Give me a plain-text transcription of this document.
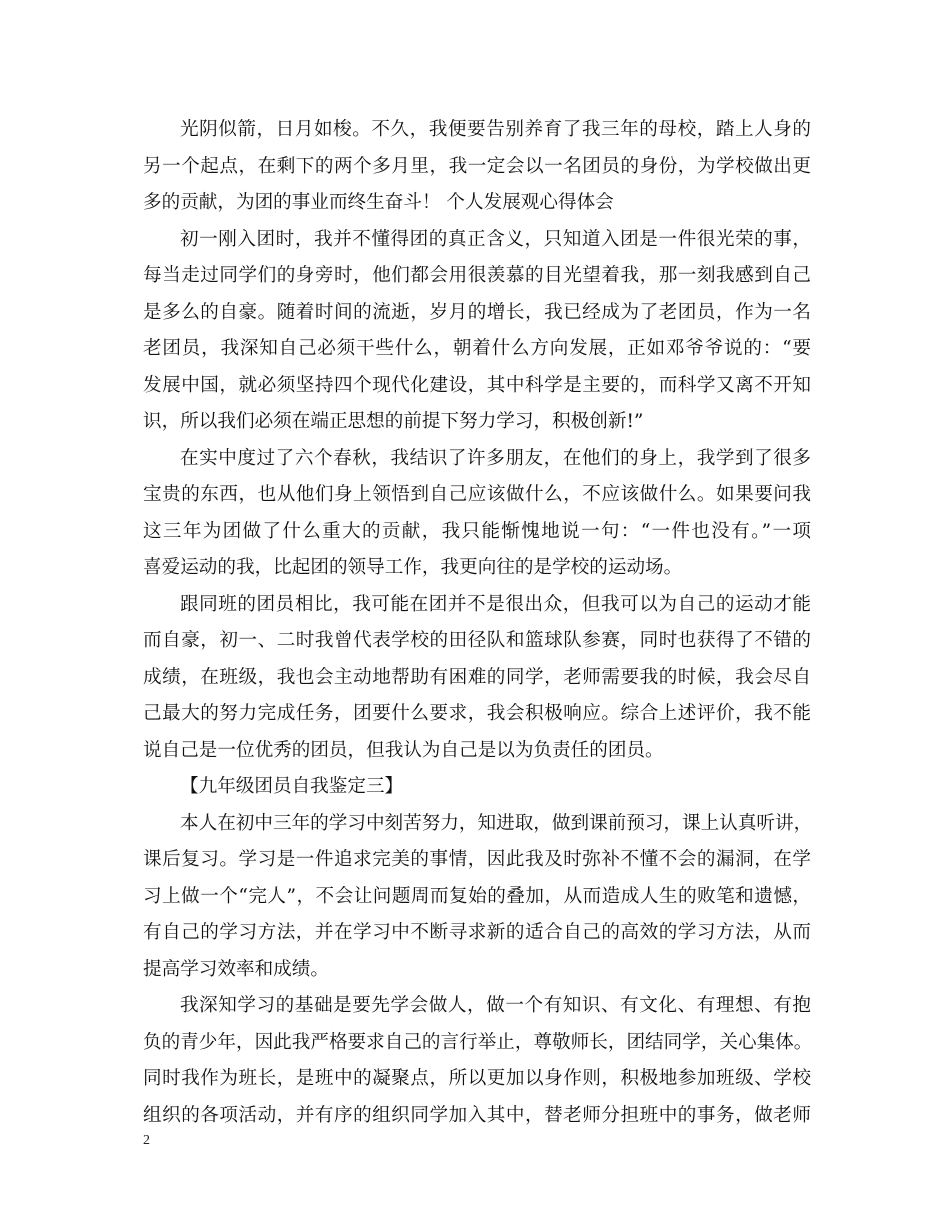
光阴似箭，日月如梭。不久，我便要告别养育了我三年的母校，踏上人身的
另一个起点，在剩下的两个多月里，我一定会以一名团员的身份，为学校做出更
多的贡献，为团的事业而终生奋斗！ 个人发展观心得体会
初一刚入团时，我并不懂得团的真正含义，只知道入团是一件很光荣的事，
每当走过同学们的身旁时，他们都会用很羡慕的目光望着我，那一刻我感到自己
是多么的自豪。随着时间的流逝，岁月的增长，我已经成为了老团员，作为一名
老团员，我深知自己必须干些什么，朝着什么方向发展，正如邓爷爷说的：“要
发展中国，就必须坚持四个现代化建设，其中科学是主要的，而科学又离不开知
识，所以我们必须在端正思想的前提下努力学习，积极创新!”
在实中度过了六个春秋，我结识了许多朋友，在他们的身上，我学到了很多
宝贵的东西，也从他们身上领悟到自己应该做什么，不应该做什么。如果要问我
这三年为团做了什么重大的贡献，我只能惭愧地说一句：“一件也没有。”一项
喜爱运动的我，比起团的领导工作，我更向往的是学校的运动场。
跟同班的团员相比，我可能在团并不是很出众，但我可以为自己的运动才能
而自豪，初一、二时我曾代表学校的田径队和篮球队参赛，同时也获得了不错的
成绩，在班级，我也会主动地帮助有困难的同学，老师需要我的时候，我会尽自
己最大的努力完成任务，团要什么要求，我会积极响应。综合上述评价，我不能
说自己是一位优秀的团员，但我认为自己是以为负责任的团员。
【九年级团员自我鉴定三】
本人在初中三年的学习中刻苦努力，知进取，做到课前预习，课上认真听讲，
课后复习。学习是一件追求完美的事情，因此我及时弥补不懂不会的漏洞，在学
习上做一个“完人”，不会让问题周而复始的叠加，从而造成人生的败笔和遗憾，
有自己的学习方法，并在学习中不断寻求新的适合自己的高效的学习方法，从而
提高学习效率和成绩。
我深知学习的基础是要先学会做人，做一个有知识、有文化、有理想、有抱
负的青少年，因此我严格要求自己的言行举止，尊敬师长，团结同学，关心集体。
同时我作为班长，是班中的凝聚点，所以更加以身作则，积极地参加班级、学校
组织的各项活动，并有序的组织同学加入其中，替老师分担班中的事务，做老师
2
